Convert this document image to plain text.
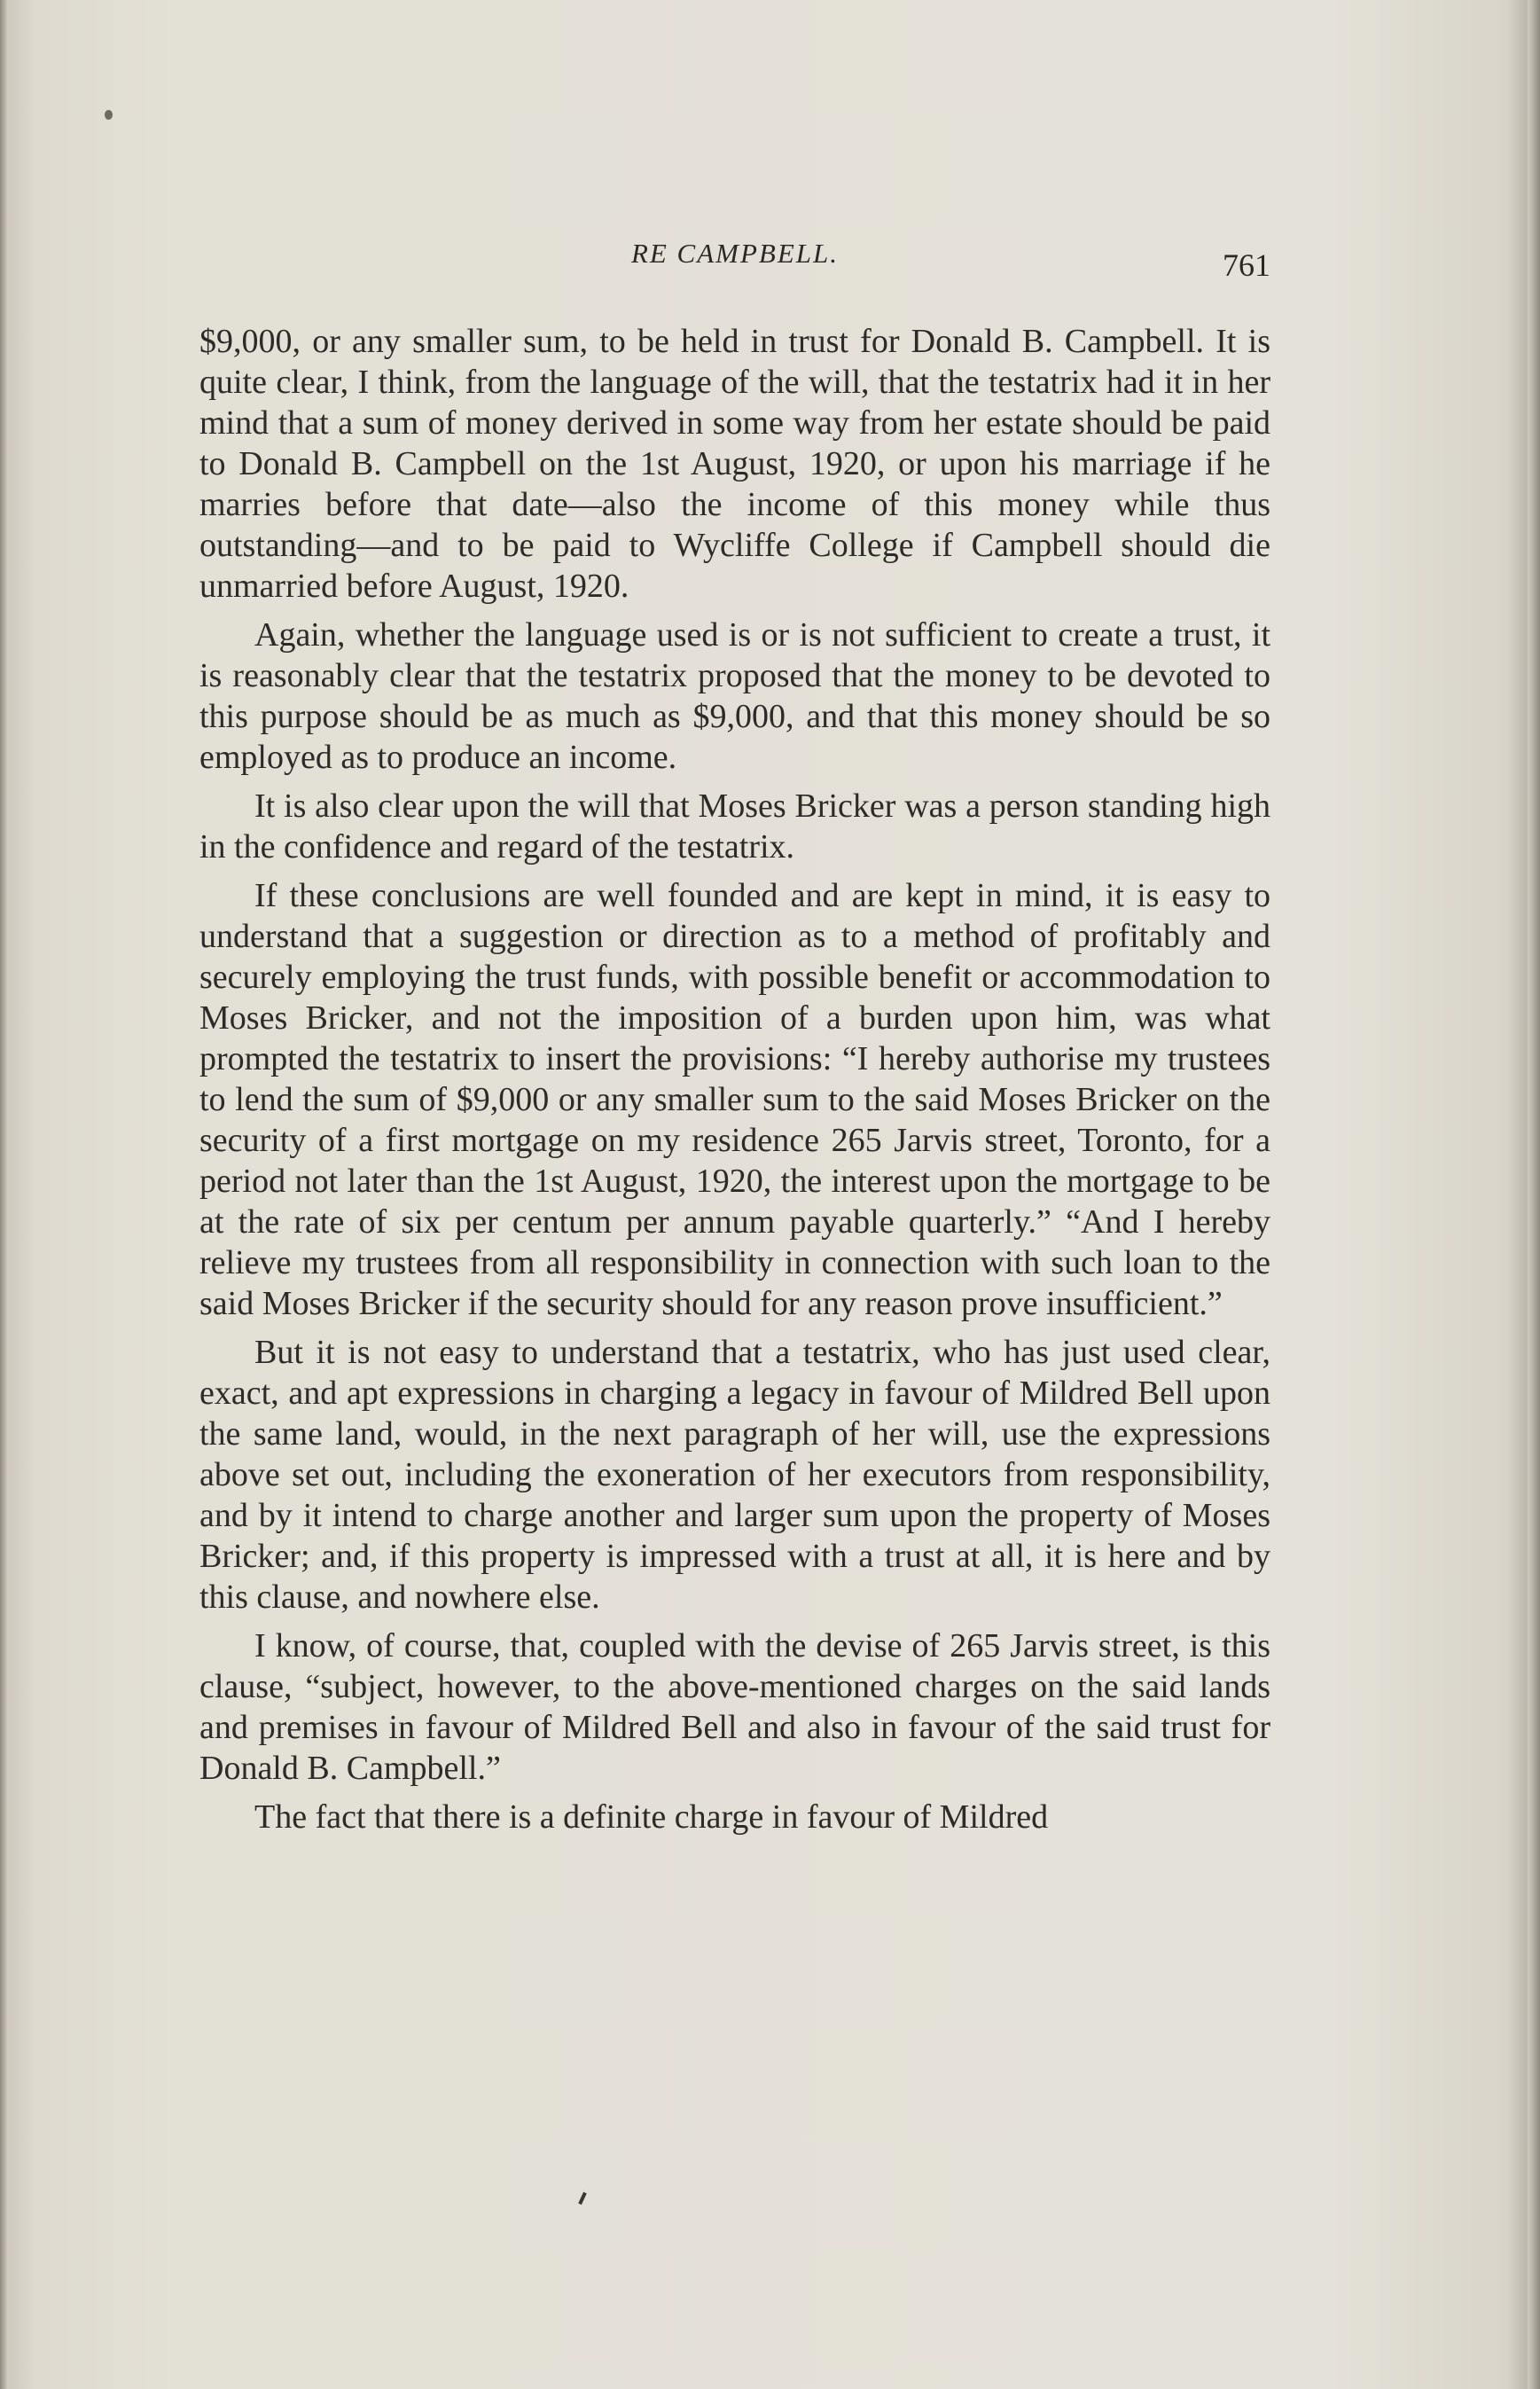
RE CAMPBELL.	761

$9,000, or any smaller sum, to be held in trust for Donald B. Campbell. It is quite clear, I think, from the language of the will, that the testatrix had it in her mind that a sum of money derived in some way from her estate should be paid to Donald B. Campbell on the 1st August, 1920, or upon his marriage if he marries before that date—also the income of this money while thus outstanding—and to be paid to Wycliffe College if Campbell should die unmarried before August, 1920.

Again, whether the language used is or is not sufficient to create a trust, it is reasonably clear that the testatrix proposed that the money to be devoted to this purpose should be as much as $9,000, and that this money should be so employed as to produce an income.

It is also clear upon the will that Moses Bricker was a person standing high in the confidence and regard of the testatrix.

If these conclusions are well founded and are kept in mind, it is easy to understand that a suggestion or direction as to a method of profitably and securely employing the trust funds, with possible benefit or accommodation to Moses Bricker, and not the imposition of a burden upon him, was what prompted the testatrix to insert the provisions: “I hereby authorise my trustees to lend the sum of $9,000 or any smaller sum to the said Moses Bricker on the security of a first mortgage on my residence 265 Jarvis street, Toronto, for a period not later than the 1st August, 1920, the interest upon the mortgage to be at the rate of six per centum per annum payable quarterly.” “And I hereby relieve my trustees from all responsibility in connection with such loan to the said Moses Bricker if the security should for any reason prove insufficient.”

But it is not easy to understand that a testatrix, who has just used clear, exact, and apt expressions in charging a legacy in favour of Mildred Bell upon the same land, would, in the next paragraph of her will, use the expressions above set out, including the exoneration of her executors from responsibility, and by it intend to charge another and larger sum upon the property of Moses Bricker; and, if this property is impressed with a trust at all, it is here and by this clause, and nowhere else.

I know, of course, that, coupled with the devise of 265 Jarvis street, is this clause, “subject, however, to the above-mentioned charges on the said lands and premises in favour of Mildred Bell and also in favour of the said trust for Donald B. Campbell.”

The fact that there is a definite charge in favour of Mildred
